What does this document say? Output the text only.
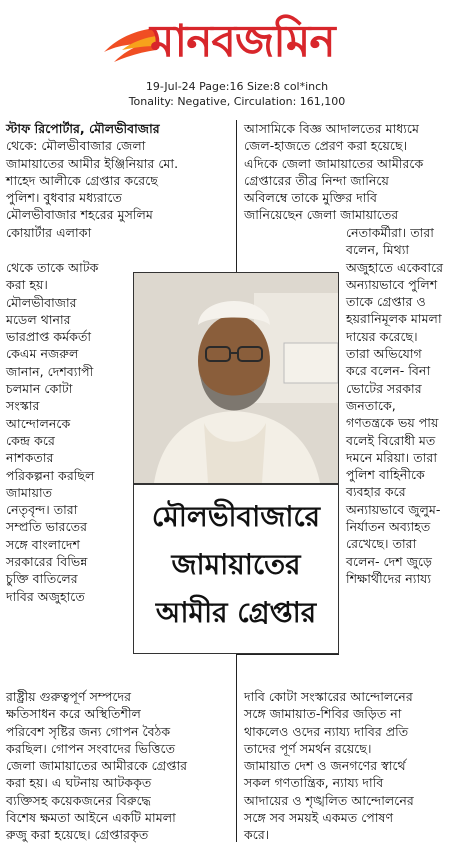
মানবজমিন
19-Jul-24 Page:16 Size:8 col*inch
Tonality: Negative, Circulation: 161,100
স্টাফ রিপোর্টার, মৌলভীবাজার
থেকে: মৌলভীবাজার জেলা
জামায়াতের আমীর ইঞ্জিনিয়ার মো.
শাহেদ আলীকে গ্রেপ্তার করেছে
পুলিশ। বুধবার মধ্যরাতে
মৌলভীবাজার শহরের মুসলিম
কোয়ার্টার এলাকা
থেকে তাকে আটক
করা হয়।
মৌলভীবাজার
মডেল থানার
ভারপ্রাপ্ত কর্মকর্তা
কেএম নজরুল
জানান, দেশব্যাপী
চলমান কোটা
সংস্কার
আন্দোলনকে
কেন্দ্র করে
নাশকতার
পরিকল্পনা করছিল
জামায়াত
নেতৃবৃন্দ। তারা
সম্প্রতি ভারতের
সঙ্গে বাংলাদেশ
সরকারের বিভিন্ন
চুক্তি বাতিলের
দাবির অজুহাতে
রাষ্ট্রীয় গুরুত্বপূর্ণ সম্পদের
ক্ষতিসাধন করে অস্থিতিশীল
পরিবেশ সৃষ্টির জন্য গোপন বৈঠক
করছিল। গোপন সংবাদের ভিত্তিতে
জেলা জামায়াতের আমীরকে গ্রেপ্তার
করা হয়। এ ঘটনায় আটককৃত
ব্যক্তিসহ কয়েকজনের বিরুদ্ধে
বিশেষ ক্ষমতা আইনে একটি মামলা
রুজু করা হয়েছে। গ্রেপ্তারকৃত
আসামিকে বিজ্ঞ আদালতের মাধ্যমে
জেল-হাজতে প্রেরণ করা হয়েছে।
এদিকে জেলা জামায়াতের আমীরকে
গ্রেপ্তারের তীব্র নিন্দা জানিয়ে
অবিলম্বে তাকে মুক্তির দাবি
জানিয়েছেন জেলা জামায়াতের
নেতাকর্মীরা। তারা
বলেন, মিথ্যা
অজুহাতে একেবারে
অন্যায়ভাবে পুলিশ
তাকে গ্রেপ্তার ও
হয়রানিমূলক মামলা
দায়ের করেছে।
তারা অভিযোগ
করে বলেন- বিনা
ভোটের সরকার
জনতাকে,
গণতন্ত্রকে ভয় পায়
বলেই বিরোধী মত
দমনে মরিয়া। তারা
পুলিশ বাহিনীকে
ব্যবহার করে
অন্যায়ভাবে জুলুম-
নির্যাতন অব্যাহত
রেখেছে। তারা
বলেন- দেশ জুড়ে
শিক্ষার্থীদের ন্যায্য
দাবি কোটা সংস্কারের আন্দোলনের
সঙ্গে জামায়াত-শিবির জড়িত না
থাকলেও ওদের ন্যায্য দাবির প্রতি
তাদের পূর্ণ সমর্থন রয়েছে।
জামায়াত দেশ ও জনগণের স্বার্থে
সকল গণতান্ত্রিক, ন্যায্য দাবি
আদায়ের ও শৃঙ্খলিত আন্দোলনের
সঙ্গে সব সময়ই একমত পোষণ
করে।
মৌলভীবাজারে
জামায়াতের
আমীর গ্রেপ্তার
